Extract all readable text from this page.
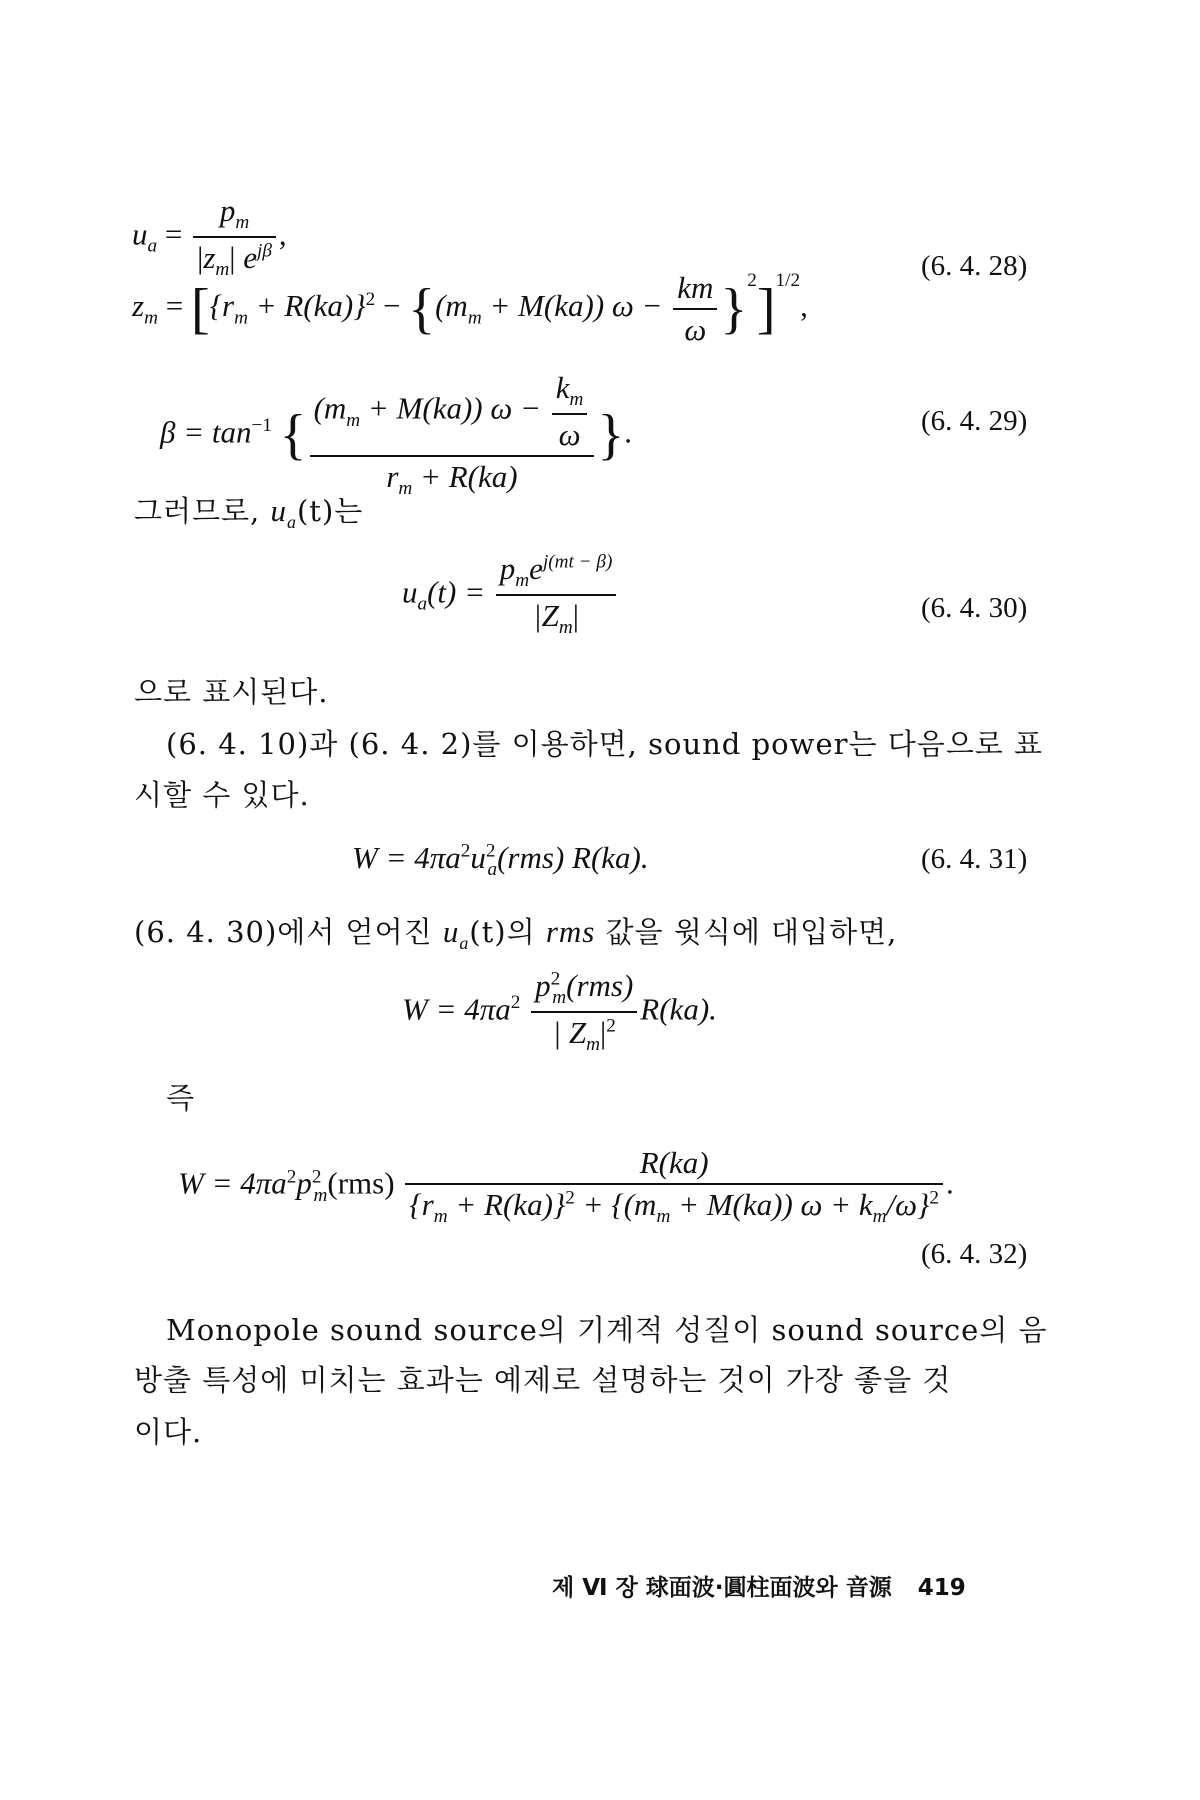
$u_a = \frac{p_m}{|z_m| e^{j\beta}}$ ,
(6. 4. 28)
$z_m = [\{r_m + R(ka)\}^2 - \{(m_m + M(ka)) \omega - \frac{km}{\omega} \}^2]^{1/2}$,
$\beta = \tan^{-1}$ { $\frac{(m_m + M(ka)) \omega - \frac{k_m}{\omega}}{r_m + R(ka)}$ }.	(6. 4. 29)
그러므로, $u_a(t)$는
$u_a(t) = \frac{p_me^{j(mt - \beta)}}{|Z_m|}$	(6. 4. 30)
으로 표시된다.
(6. 4. 10)과 (6. 4. 2)를 이용하면, sound power는 다음으로 표
시할 수 있다.
$W = 4\pi a^2u^2_a(rms)$ R(ka).	(6. 4. 31)
(6. 4. 30)에서 얻어진 $u_a(t)$의 rms 값을 윗식에 대입하면,
$W = 4\pi a^2 \frac{p^2_m(rms)}{| Z_m|^2} R(ka)$.
즉
$W = 4\pi a^2p^2_m(rms) \frac{R(ka)}{\{r_m + R(ka)\}^2 + \{(m_m + M(ka)) \omega + k_m/\omega\}^2}$ .
(6. 4. 32)
Monopole sound source의 기계적 성질이 sound source의 음
방출 특성에 미치는 효과는 예제로 설명하는 것이 가장 좋을 것
이다.
제 Ⅵ 장 球面波·圓柱面波와 音源 419
